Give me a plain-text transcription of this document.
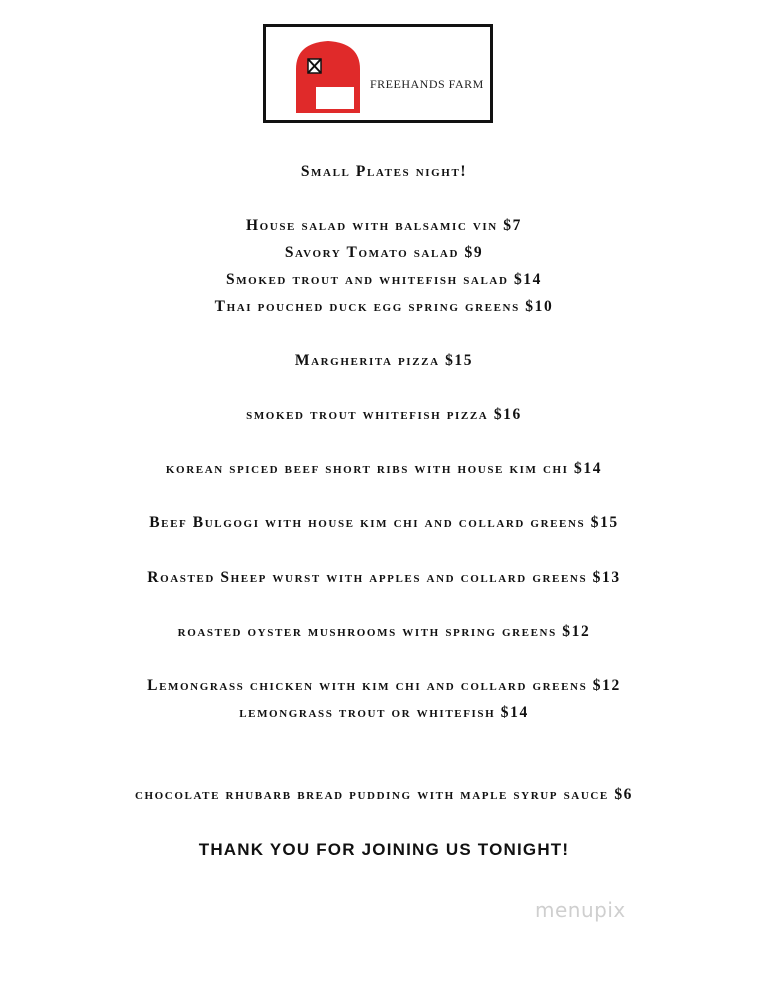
FREEHANDS FARM
Small Plates night!
House salad with balsamic vin $7
Savory Tomato salad $9
Smoked trout and whitefish salad $14
Thai pouched duck egg spring greens $10
Margherita pizza $15
smoked trout whitefish pizza $16
korean spiced beef short ribs with house kim chi $14
Beef Bulgogi with house kim chi and collard greens $15
Roasted Sheep wurst with apples and collard greens $13
roasted oyster mushrooms with spring greens $12
Lemongrass chicken with kim chi and collard greens $12
lemongrass trout or whitefish $14
chocolate rhubarb bread pudding with maple syrup sauce $6
THANK YOU FOR JOINING US TONIGHT!
menupix
